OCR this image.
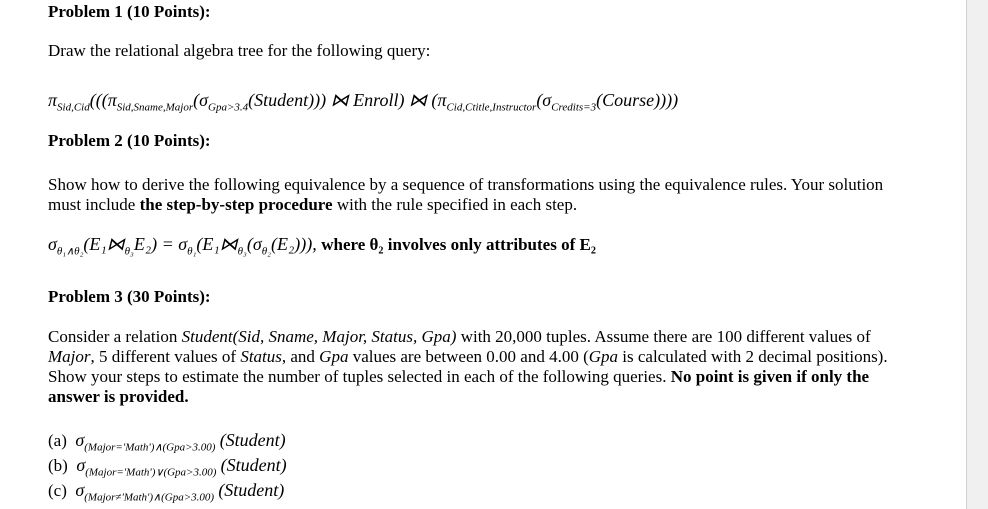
Problem 1 (10 Points):
Draw the relational algebra tree for the following query:
$\pi_{Sid,Cid}(((\pi_{Sid,Sname,Major}(\sigma_{Gpa>3.4}(Student)))$ ⋈ Enroll) ⋈ $(\pi_{Cid,Ctitle,Instructor}(\sigma_{Credits=3}(Course)))$)
Problem 2 (10 Points):
Show how to derive the following equivalence by a sequence of transformations using the equivalence rules. Your solution must include the step-by-step procedure with the rule specified in each step.
$\sigma_{\theta_1\wedge\theta_2}(E_1⋈_{\theta_3}E_2)$ = $\sigma_{\theta_1}(E_1⋈_{\theta_3}(\sigma_{\theta_2}(E_2)))$, where θ₂ involves only attributes of E₂
Problem 3 (30 Points):
Consider a relation Student(Sid, Sname, Major, Status, Gpa) with 20,000 tuples. Assume there are 100 different values of Major, 5 different values of Status, and Gpa values are between 0.00 and 4.00 (Gpa is calculated with 2 decimal positions). Show your steps to estimate the number of tuples selected in each of the following queries. No point is given if only the answer is provided.
(a) $\sigma_{(Major='Math')\wedge(Gpa>3.00)}$ (Student)
(b) $\sigma_{(Major='Math')\vee(Gpa>3.00)}$ (Student)
(c) $\sigma_{(Major\ne'Math')\wedge(Gpa>3.00)}$ (Student)
